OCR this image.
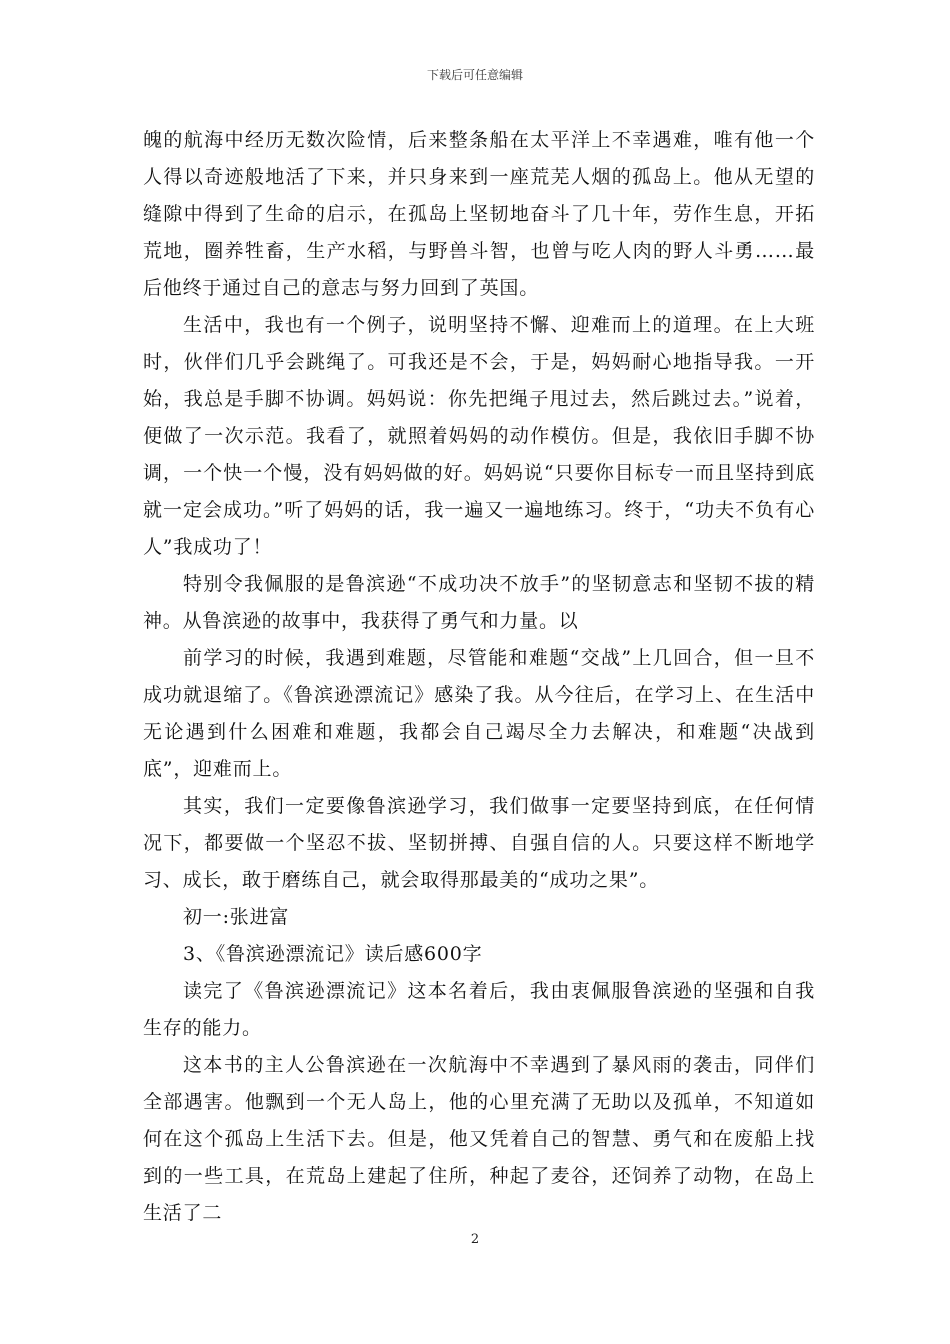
下载后可任意编辑

魄的航海中经历无数次险情，后来整条船在太平洋上不幸遇难，唯有他一个人得以奇迹般地活了下来，并只身来到一座荒芜人烟的孤岛上。他从无望的缝隙中得到了生命的启示，在孤岛上坚韧地奋斗了几十年，劳作生息，开拓荒地，圈养牲畜，生产水稻，与野兽斗智，也曾与吃人肉的野人斗勇……最后他终于通过自己的意志与努力回到了英国。

生活中，我也有一个例子，说明坚持不懈、迎难而上的道理。在上大班时，伙伴们几乎会跳绳了。可我还是不会，于是，妈妈耐心地指导我。一开始，我总是手脚不协调。妈妈说：你先把绳子甩过去，然后跳过去。”说着，便做了一次示范。我看了，就照着妈妈的动作模仿。但是，我依旧手脚不协调，一个快一个慢，没有妈妈做的好。妈妈说“只要你目标专一而且坚持到底就一定会成功。”听了妈妈的话，我一遍又一遍地练习。终于，“功夫不负有心人”我成功了！

特别令我佩服的是鲁滨逊“不成功决不放手”的坚韧意志和坚韧不拔的精神。从鲁滨逊的故事中，我获得了勇气和力量。以

前学习的时候，我遇到难题，尽管能和难题“交战”上几回合，但一旦不成功就退缩了。《鲁滨逊漂流记》感染了我。从今往后，在学习上、在生活中无论遇到什么困难和难题，我都会自己竭尽全力去解决，和难题“决战到底”，迎难而上。

其实，我们一定要像鲁滨逊学习，我们做事一定要坚持到底，在任何情况下，都要做一个坚忍不拔、坚韧拼搏、自强自信的人。只要这样不断地学习、成长，敢于磨练自己，就会取得那最美的“成功之果”。

初一:张进富

3、《鲁滨逊漂流记》读后感600字

读完了《鲁滨逊漂流记》这本名着后，我由衷佩服鲁滨逊的坚强和自我生存的能力。

这本书的主人公鲁滨逊在一次航海中不幸遇到了暴风雨的袭击，同伴们全部遇害。他飘到一个无人岛上，他的心里充满了无助以及孤单，不知道如何在这个孤岛上生活下去。但是，他又凭着自己的智慧、勇气和在废船上找到的一些工具，在荒岛上建起了住所，种起了麦谷，还饲养了动物，在岛上生活了二

2
